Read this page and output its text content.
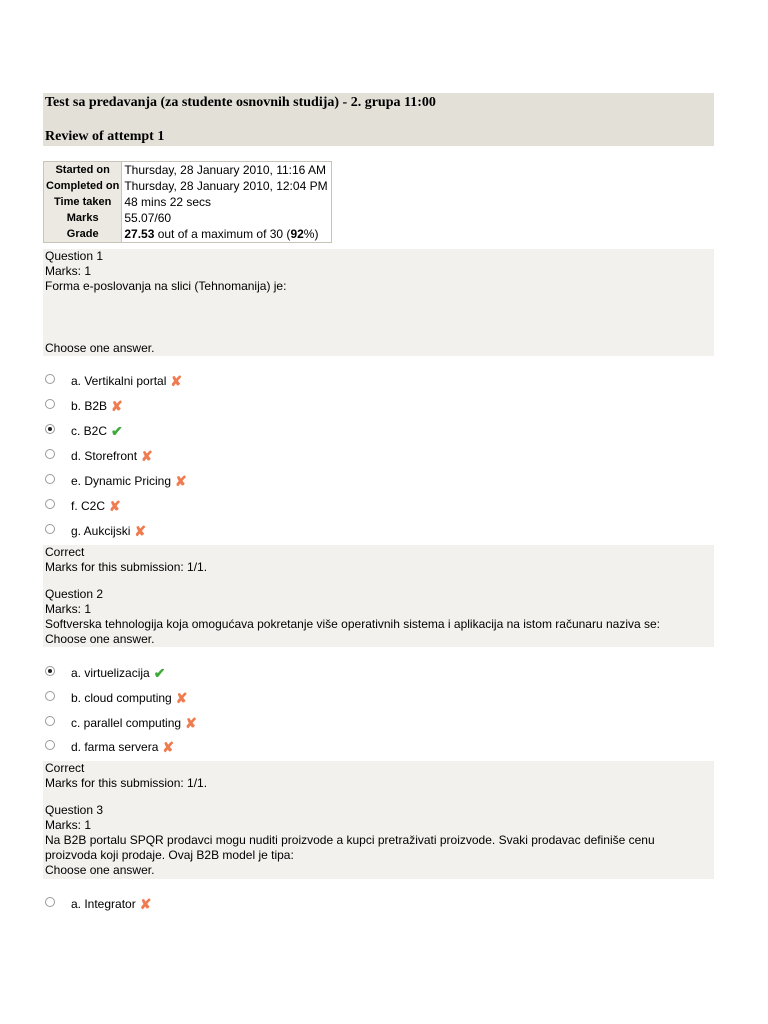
Test sa predavanja (za studente osnovnih studija) - 2. grupa 11:00
Review of attempt 1
Started on	Thursday, 28 January 2010, 11:16 AM
Completed on	Thursday, 28 January 2010, 12:04 PM
Time taken	48 mins 22 secs
Marks	55.07/60
Grade	27.53 out of a maximum of 30 (92%)
Question 1
Marks: 1
Forma e-poslovanja na slici (Tehnomanija) je:
Choose one answer.
a. Vertikalni portal ✘
b. B2B ✘
c. B2C ✔
d. Storefront ✘
e. Dynamic Pricing ✘
f. C2C ✘
g. Aukcijski ✘
Correct
Marks for this submission: 1/1.
Question 2
Marks: 1
Softverska tehnologija koja omogućava pokretanje više operativnih sistema i aplikacija na istom računaru naziva se:
Choose one answer.
a. virtuelizacija ✔
b. cloud computing ✘
c. parallel computing ✘
d. farma servera ✘
Correct
Marks for this submission: 1/1.
Question 3
Marks: 1
Na B2B portalu SPQR prodavci mogu nuditi proizvode a kupci pretraživati proizvode. Svaki prodavac definiše cenu
proizvoda koji prodaje. Ovaj B2B model je tipa:
Choose one answer.
a. Integrator ✘
